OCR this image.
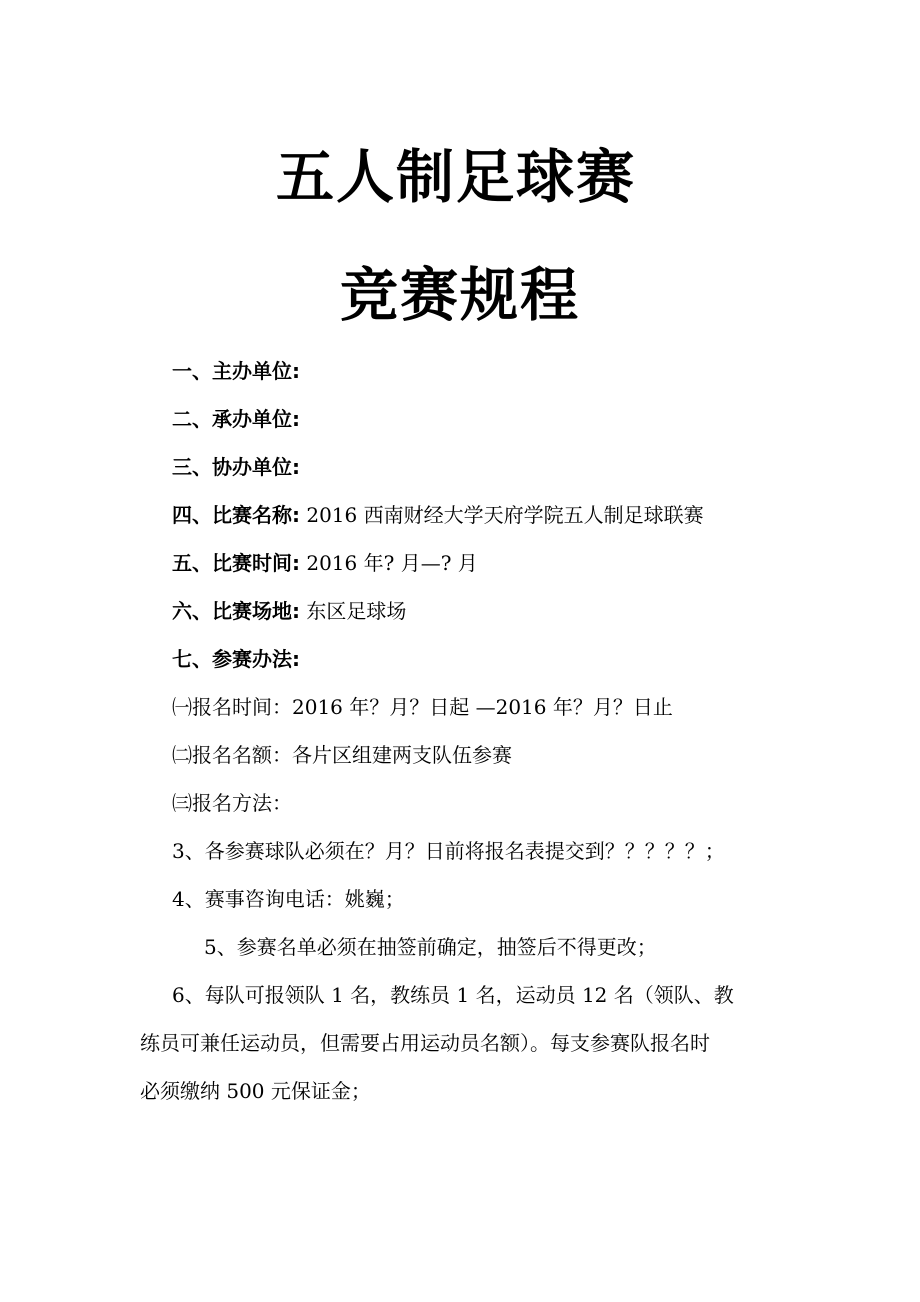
五人制足球赛
竞赛规程
一、主办单位:
二、承办单位:
三、协办单位:
四、比赛名称: 2016 西南财经大学天府学院五人制足球联赛
五、比赛时间: 2016 年? 月—? 月
六、比赛场地: 东区足球场
七、参赛办法:
㈠报名时间：2016 年？月？日起 —2016 年？月？日止
㈡报名名额：各片区组建两支队伍参赛
㈢报名方法：
3、各参赛球队必须在？月？日前将报名表提交到？？？？？；
4、赛事咨询电话：姚巍；
5、参赛名单必须在抽签前确定，抽签后不得更改；
6、每队可报领队 1 名，教练员 1 名，运动员 12 名（领队、教
练员可兼任运动员，但需要占用运动员名额）。每支参赛队报名时
必须缴纳 500 元保证金；
